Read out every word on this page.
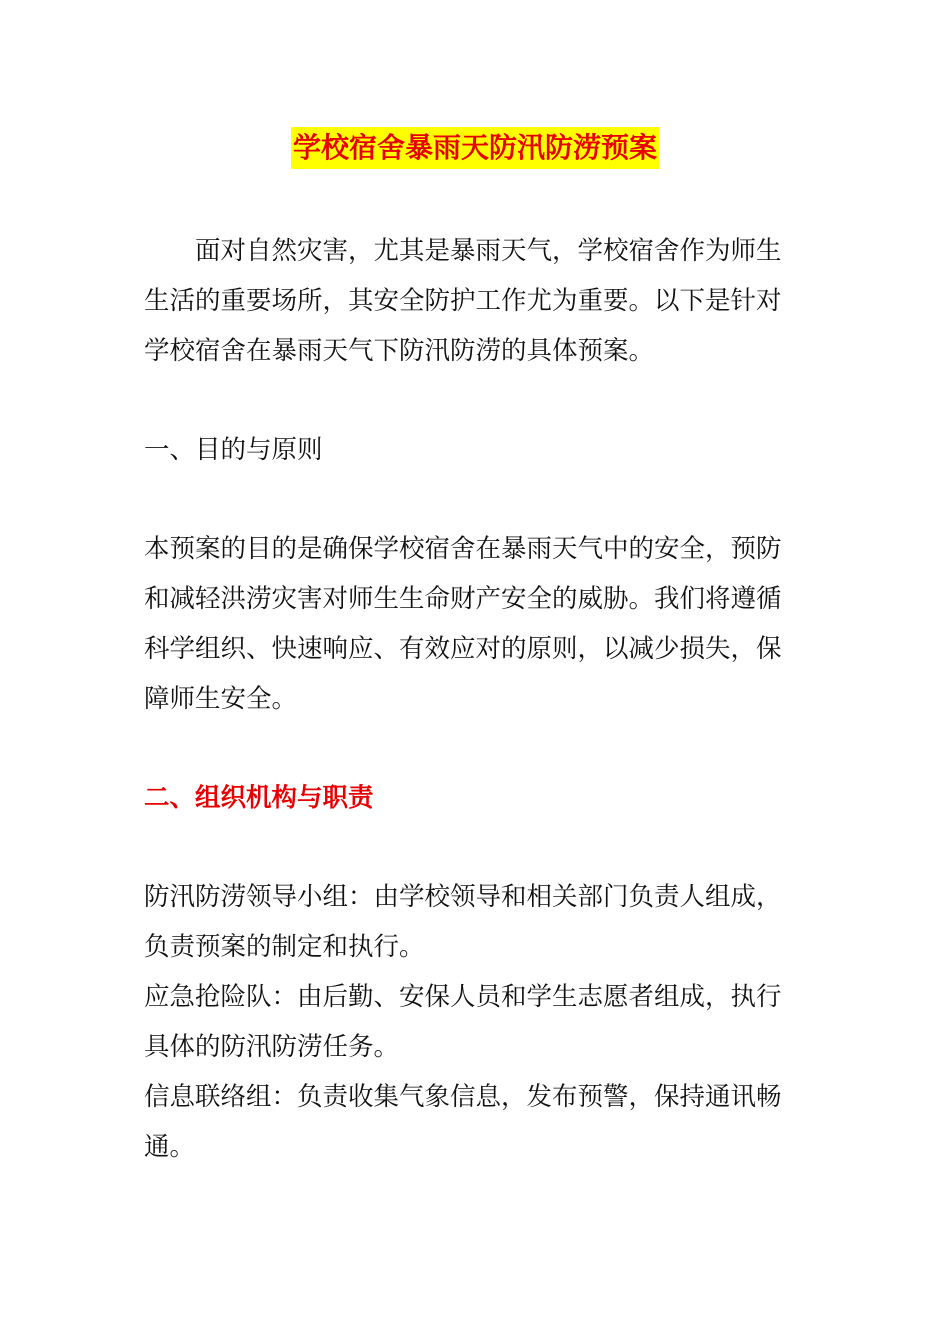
学校宿舍暴雨天防汛防涝预案
　　面对自然灾害，尤其是暴雨天气，学校宿舍作为师生
生活的重要场所，其安全防护工作尤为重要。以下是针对
学校宿舍在暴雨天气下防汛防涝的具体预案。
一、目的与原则
本预案的目的是确保学校宿舍在暴雨天气中的安全，预防
和减轻洪涝灾害对师生生命财产安全的威胁。我们将遵循
科学组织、快速响应、有效应对的原则，以减少损失，保
障师生安全。
二、组织机构与职责
防汛防涝领导小组：由学校领导和相关部门负责人组成，
负责预案的制定和执行。
应急抢险队：由后勤、安保人员和学生志愿者组成，执行
具体的防汛防涝任务。
信息联络组：负责收集气象信息，发布预警，保持通讯畅
通。
